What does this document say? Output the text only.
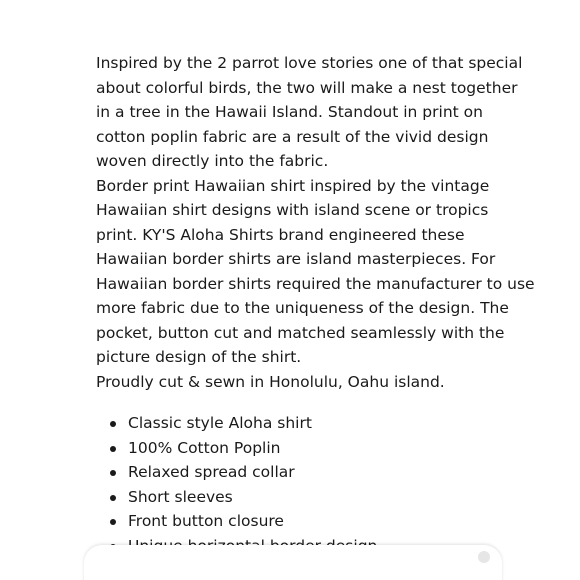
Inspired by the 2 parrot love stories one of that special
about colorful birds, the two will make a nest together
in a tree in the Hawaii Island. Standout in print on
cotton poplin fabric are a result of the vivid design
woven directly into the fabric.
Border print Hawaiian shirt inspired by the vintage
Hawaiian shirt designs with island scene or tropics
print. KY'S Aloha Shirts brand engineered these
Hawaiian border shirts are island masterpieces. For
Hawaiian border shirts required the manufacturer to use
more fabric due to the uniqueness of the design. The
pocket, button cut and matched seamlessly with the
picture design of the shirt.
Proudly cut & sewn in Honolulu, Oahu island.
Classic style Aloha shirt
100% Cotton Poplin
Relaxed spread collar
Short sleeves
Front button closure
